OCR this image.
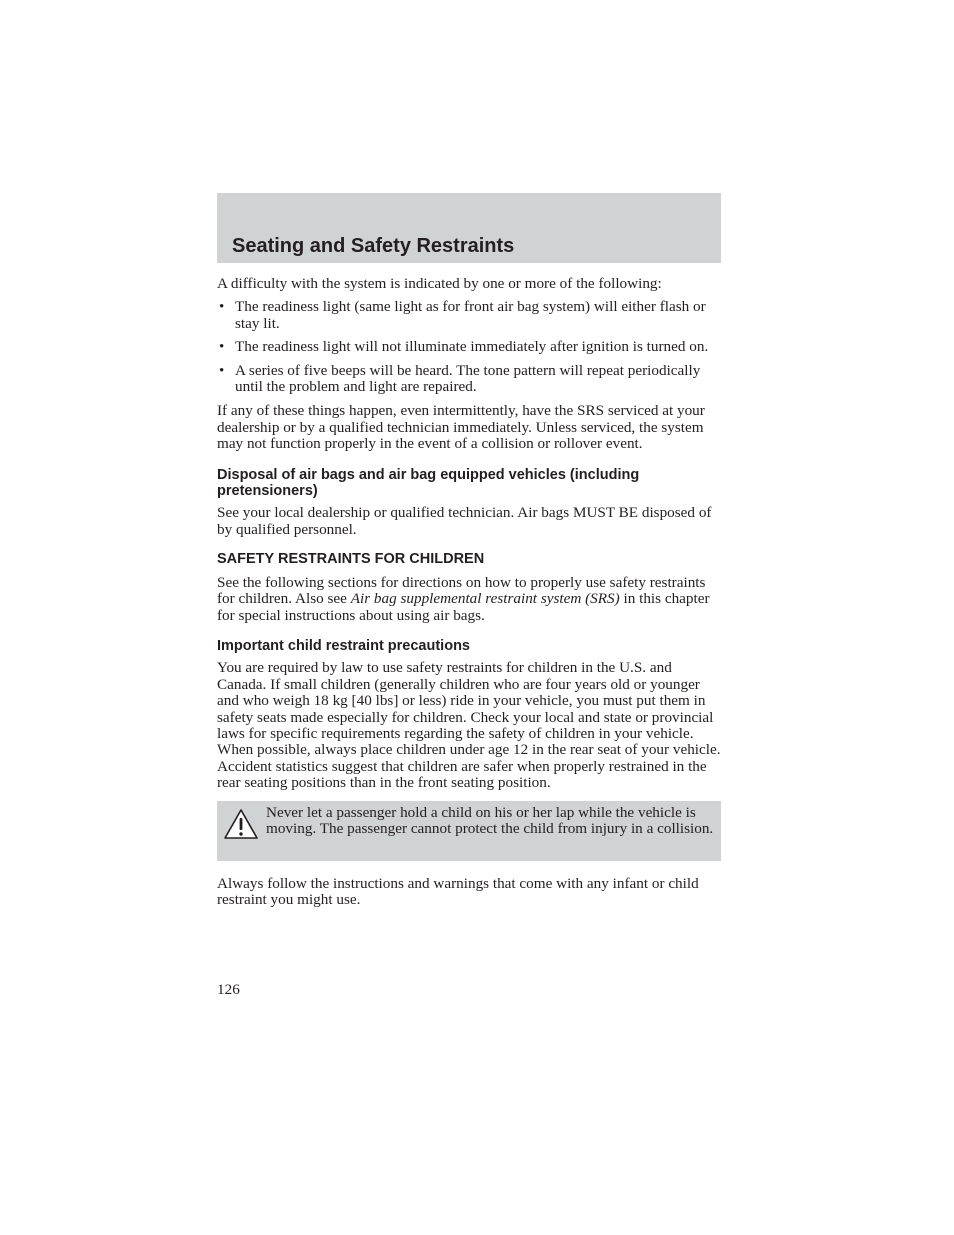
Seating and Safety Restraints

A difficulty with the system is indicated by one or more of the following:

• The readiness light (same light as for front air bag system) will either flash or stay lit.
• The readiness light will not illuminate immediately after ignition is turned on.
• A series of five beeps will be heard. The tone pattern will repeat periodically until the problem and light are repaired.

If any of these things happen, even intermittently, have the SRS serviced at your dealership or by a qualified technician immediately. Unless serviced, the system may not function properly in the event of a collision or rollover event.

Disposal of air bags and air bag equipped vehicles (including pretensioners)

See your local dealership or qualified technician. Air bags MUST BE disposed of by qualified personnel.

SAFETY RESTRAINTS FOR CHILDREN

See the following sections for directions on how to properly use safety restraints for children. Also see Air bag supplemental restraint system (SRS) in this chapter for special instructions about using air bags.

Important child restraint precautions

You are required by law to use safety restraints for children in the U.S. and Canada. If small children (generally children who are four years old or younger and who weigh 18 kg [40 lbs] or less) ride in your vehicle, you must put them in safety seats made especially for children. Check your local and state or provincial laws for specific requirements regarding the safety of children in your vehicle. When possible, always place children under age 12 in the rear seat of your vehicle. Accident statistics suggest that children are safer when properly restrained in the rear seating positions than in the front seating position.

Never let a passenger hold a child on his or her lap while the vehicle is moving. The passenger cannot protect the child from injury in a collision.

Always follow the instructions and warnings that come with any infant or child restraint you might use.

126
